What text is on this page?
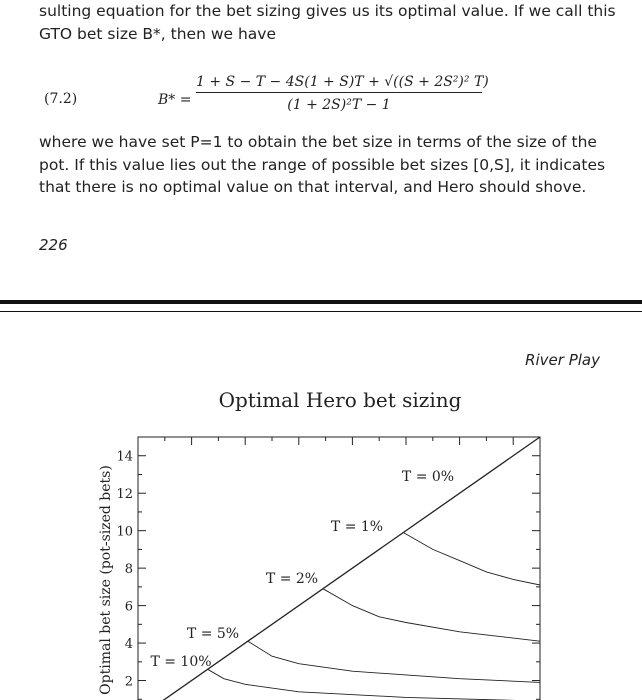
sulting equation for the bet sizing gives us its optimal value. If we call this GTO bet size B*, then we have

(7.2)	B* =
1 + S − T − 4S(1 + S)T + √((S + 2S²)² T)
(1 + 2S)²T − 1

where we have set P=1 to obtain the bet size in terms of the size of the pot. If this value lies out the range of possible bet sizes [0,S], it indicates that there is no optimal value on that interval, and Hero should shove.

226
River Play
Optimal Hero bet sizing
2
4
6
8
10
12
14
Optimal bet size (pot-sized bets)	T = 0%
T = 1%
T = 2%
T = 5%
T = 10%
